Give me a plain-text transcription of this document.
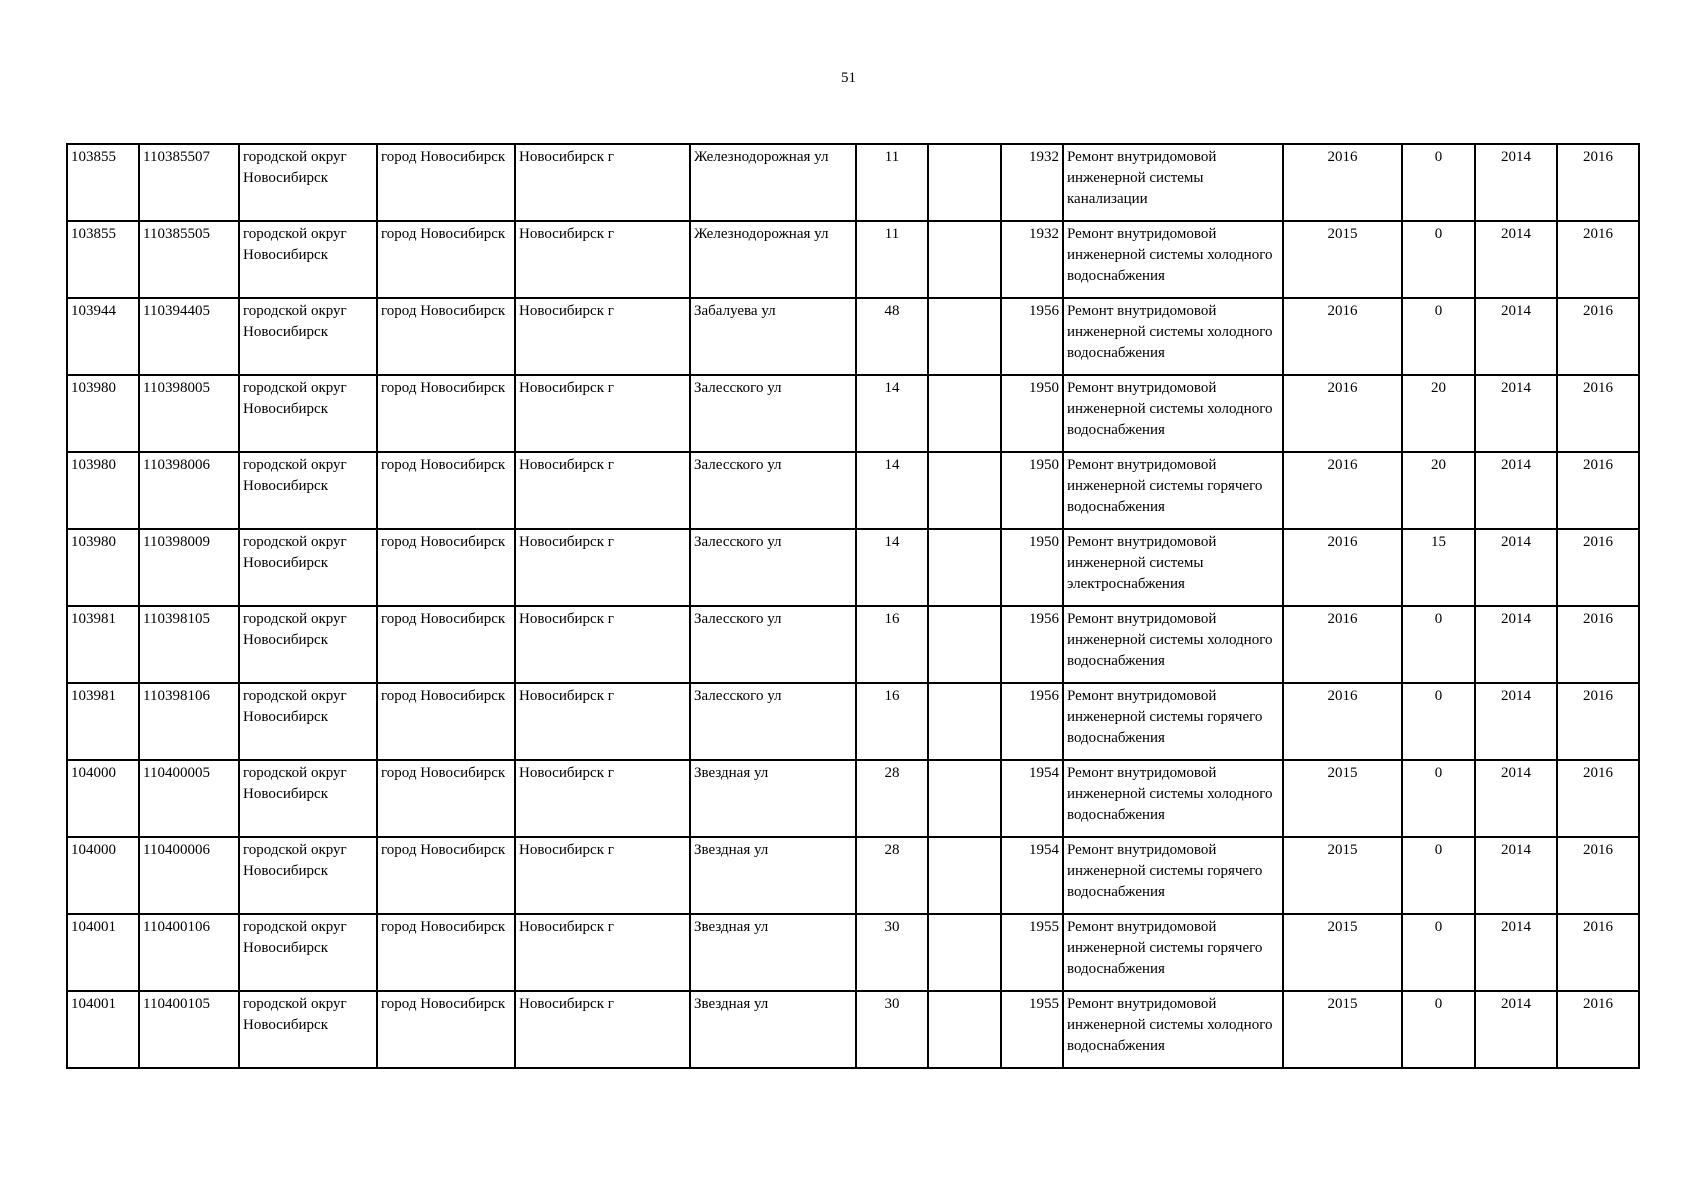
51
103855	110385507	городской округ Новосибирск	город Новосибирск	Новосибирск г	Железнодорожная ул	11		1932	Ремонт внутридомовой инженерной системы канализации	2016	0	2014	2016
103855	110385505	городской округ Новосибирск	город Новосибирск	Новосибирск г	Железнодорожная ул	11		1932	Ремонт внутридомовой инженерной системы холодного водоснабжения	2015	0	2014	2016
103944	110394405	городской округ Новосибирск	город Новосибирск	Новосибирск г	Забалуева ул	48		1956	Ремонт внутридомовой инженерной системы холодного водоснабжения	2016	0	2014	2016
103980	110398005	городской округ Новосибирск	город Новосибирск	Новосибирск г	Залесского ул	14		1950	Ремонт внутридомовой инженерной системы холодного водоснабжения	2016	20	2014	2016
103980	110398006	городской округ Новосибирск	город Новосибирск	Новосибирск г	Залесского ул	14		1950	Ремонт внутридомовой инженерной системы горячего водоснабжения	2016	20	2014	2016
103980	110398009	городской округ Новосибирск	город Новосибирск	Новосибирск г	Залесского ул	14		1950	Ремонт внутридомовой инженерной системы электроснабжения	2016	15	2014	2016
103981	110398105	городской округ Новосибирск	город Новосибирск	Новосибирск г	Залесского ул	16		1956	Ремонт внутридомовой инженерной системы холодного водоснабжения	2016	0	2014	2016
103981	110398106	городской округ Новосибирск	город Новосибирск	Новосибирск г	Залесского ул	16		1956	Ремонт внутридомовой инженерной системы горячего водоснабжения	2016	0	2014	2016
104000	110400005	городской округ Новосибирск	город Новосибирск	Новосибирск г	Звездная ул	28		1954	Ремонт внутридомовой инженерной системы холодного водоснабжения	2015	0	2014	2016
104000	110400006	городской округ Новосибирск	город Новосибирск	Новосибирск г	Звездная ул	28		1954	Ремонт внутридомовой инженерной системы горячего водоснабжения	2015	0	2014	2016
104001	110400106	городской округ Новосибирск	город Новосибирск	Новосибирск г	Звездная ул	30		1955	Ремонт внутридомовой инженерной системы горячего водоснабжения	2015	0	2014	2016
104001	110400105	городской округ Новосибирск	город Новосибирск	Новосибирск г	Звездная ул	30		1955	Ремонт внутридомовой инженерной системы холодного водоснабжения	2015	0	2014	2016
